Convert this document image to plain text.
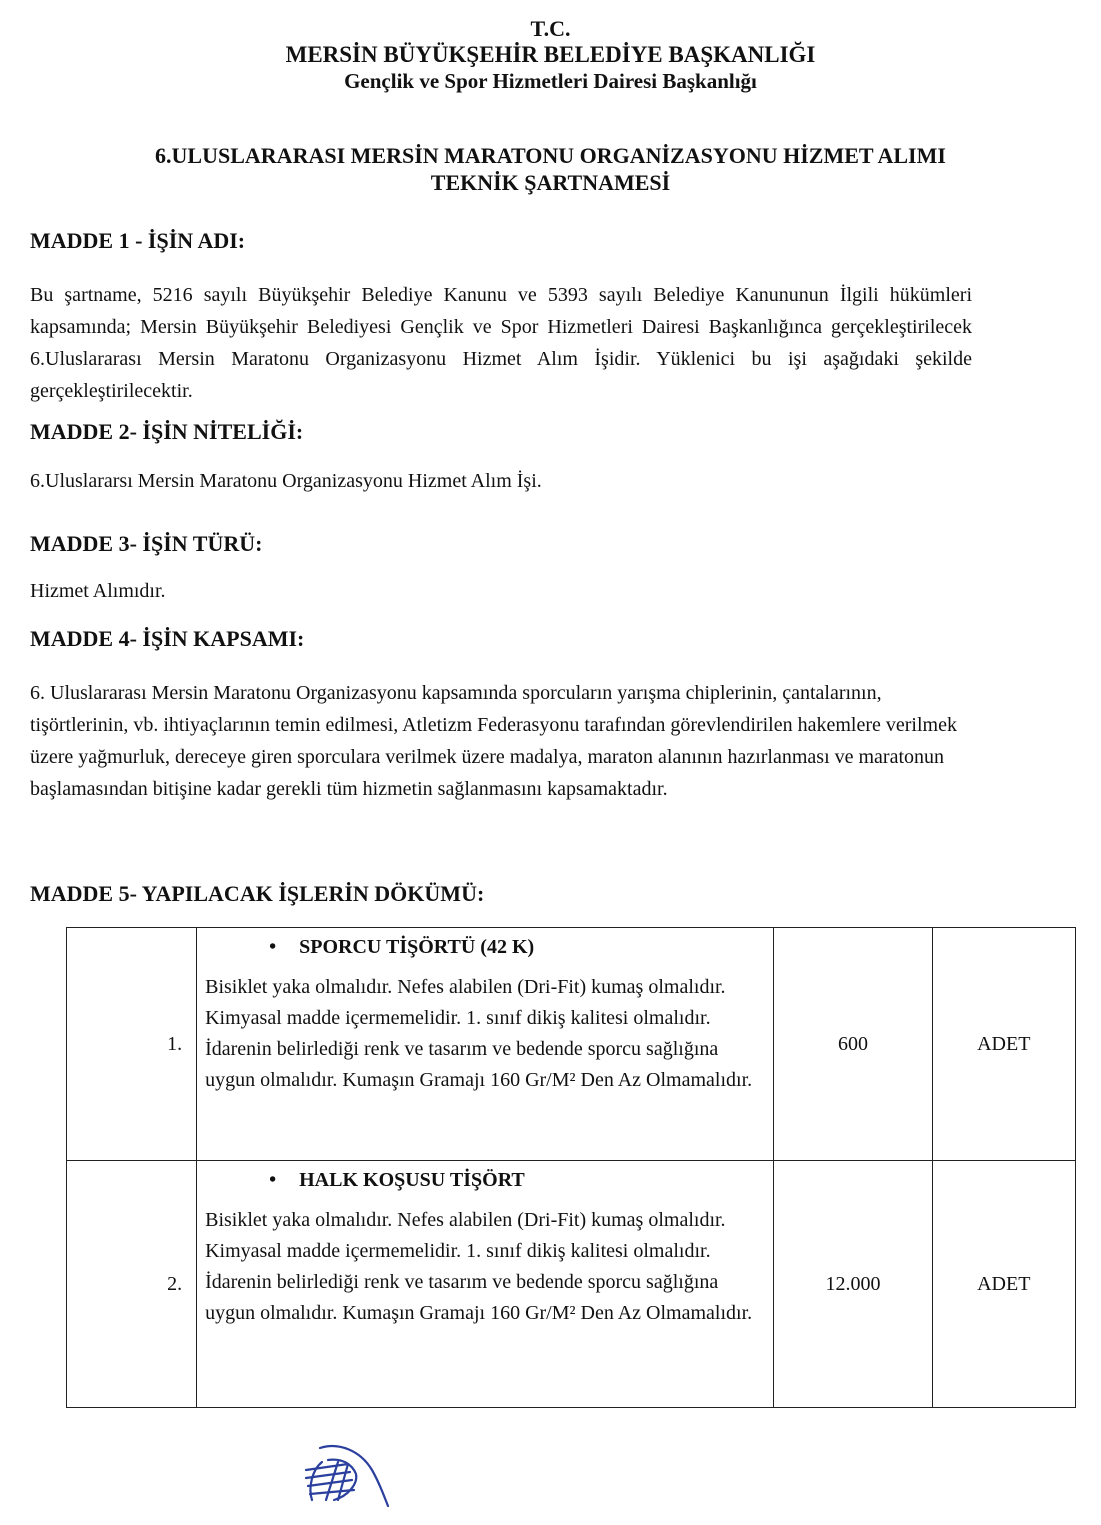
T.C.
MERSİN BÜYÜKŞEHİR BELEDİYE BAŞKANLIĞI
Gençlik ve Spor Hizmetleri Dairesi Başkanlığı
6.ULUSLARARASI MERSİN MARATONU ORGANİZASYONU HİZMET ALIMI
TEKNİK ŞARTNAMESİ
MADDE 1 - İŞİN ADI:

Bu şartname, 5216 sayılı Büyükşehir Belediye Kanunu ve 5393 sayılı Belediye Kanununun İlgili hükümleri kapsamında; Mersin Büyükşehir Belediyesi Gençlik ve Spor Hizmetleri Dairesi Başkanlığınca gerçekleştirilecek 6.Uluslararası Mersin Maratonu Organizasyonu Hizmet Alım İşidir. Yüklenici bu işi aşağıdaki şekilde gerçekleştirilecektir.

MADDE 2- İŞİN NİTELİĞİ:
6.Uluslararsı Mersin Maratonu Organizasyonu Hizmet Alım İşi.
MADDE 3- İŞİN TÜRÜ:
Hizmet Alımıdır.
MADDE 4- İŞİN KAPSAMI:

6. Uluslararası Mersin Maratonu Organizasyonu kapsamında sporcuların yarışma chiplerinin, çantalarının, tişörtlerinin, vb. ihtiyaçlarının temin edilmesi, Atletizm Federasyonu tarafından görevlendirilen hakemlere verilmek üzere yağmurluk, dereceye giren sporculara verilmek üzere madalya, maraton alanının hazırlanması ve maratonun başlamasından bitişine kadar gerekli tüm hizmetin sağlanmasını kapsamaktadır.

MADDE 5- YAPILACAK İŞLERİN DÖKÜMÜ:
1.	• SPORCU TİŞÖRTÜ (42 K)
Bisiklet yaka olmalıdır. Nefes alabilen (Dri-Fit) kumaş olmalıdır. Kimyasal madde içermemelidir. 1. sınıf dikiş kalitesi olmalıdır. İdarenin belirlediği renk ve tasarım ve bedende sporcu sağlığına uygun olmalıdır. Kumaşın Gramajı 160 Gr/M² Den Az Olmamalıdır.	600	ADET
2.	• HALK KOŞUSU TİŞÖRT
Bisiklet yaka olmalıdır. Nefes alabilen (Dri-Fit) kumaş olmalıdır. Kimyasal madde içermemelidir. 1. sınıf dikiş kalitesi olmalıdır. İdarenin belirlediği renk ve tasarım ve bedende sporcu sağlığına uygun olmalıdır. Kumaşın Gramajı 160 Gr/M² Den Az Olmamalıdır.	12.000	ADET
